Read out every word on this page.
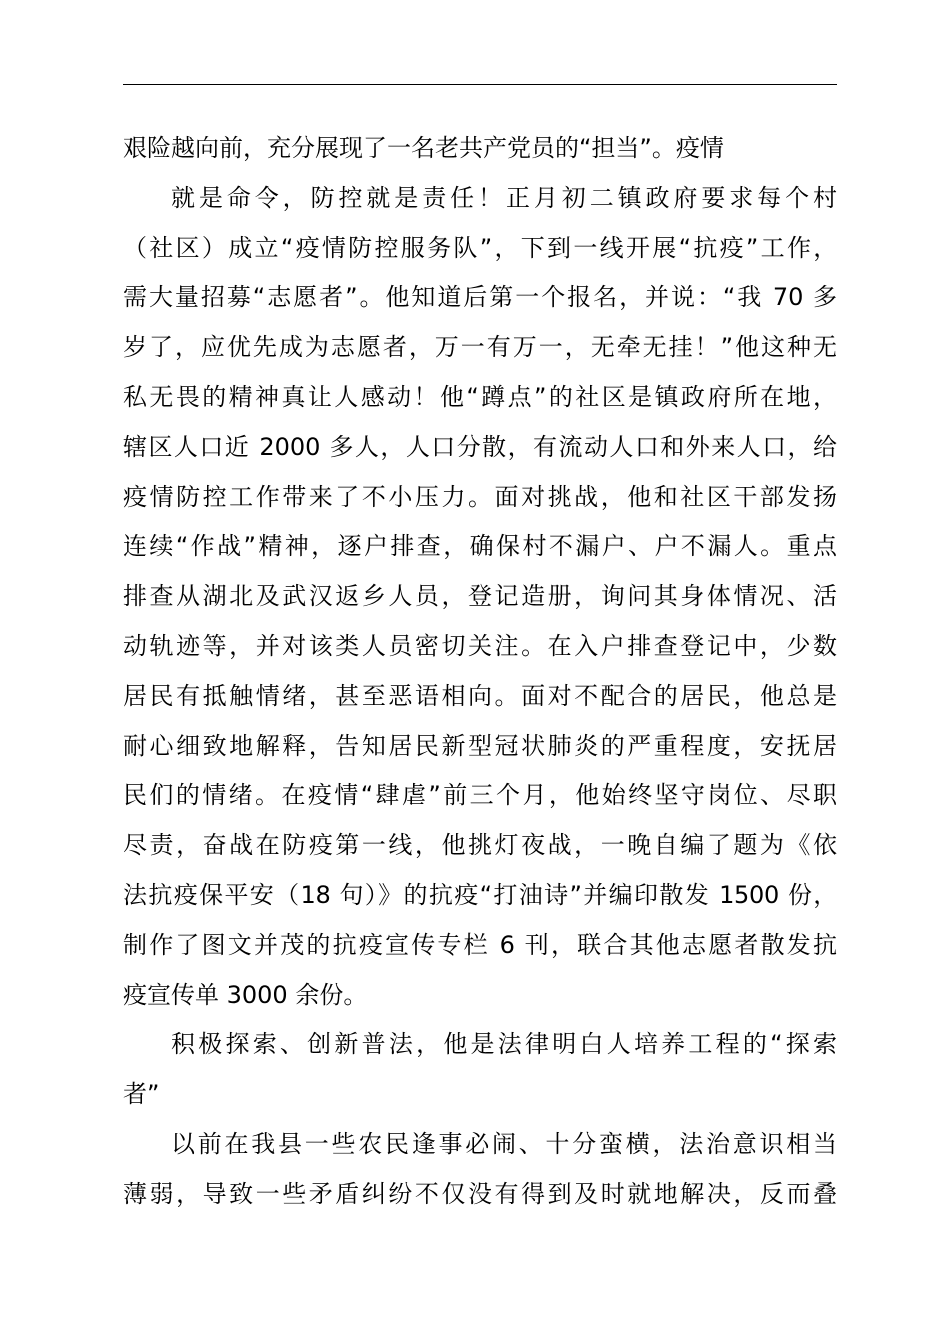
艰险越向前，充分展现了一名老共产党员的“担当”。疫情
就是命令，防控就是责任！正月初二镇政府要求每个村
（社区）成立“疫情防控服务队”，下到一线开展“抗疫”工作，
需大量招募“志愿者”。他知道后第一个报名，并说：“我 70 多
岁了，应优先成为志愿者，万一有万一，无牵无挂！”他这种无
私无畏的精神真让人感动！他“蹲点”的社区是镇政府所在地，
辖区人口近 2000 多人，人口分散，有流动人口和外来人口，给
疫情防控工作带来了不小压力。面对挑战，他和社区干部发扬
连续“作战”精神，逐户排查，确保村不漏户、户不漏人。重点
排查从湖北及武汉返乡人员，登记造册，询问其身体情况、活
动轨迹等，并对该类人员密切关注。在入户排查登记中，少数
居民有抵触情绪，甚至恶语相向。面对不配合的居民，他总是
耐心细致地解释，告知居民新型冠状肺炎的严重程度，安抚居
民们的情绪。在疫情“肆虐”前三个月，他始终坚守岗位、尽职
尽责，奋战在防疫第一线，他挑灯夜战，一晚自编了题为《依
法抗疫保平安（18 句）》的抗疫“打油诗”并编印散发 1500 份，
制作了图文并茂的抗疫宣传专栏 6 刊，联合其他志愿者散发抗
疫宣传单 3000 余份。
积极探索、创新普法，他是法律明白人培养工程的“探索
者”
以前在我县一些农民逢事必闹、十分蛮横，法治意识相当
薄弱，导致一些矛盾纠纷不仅没有得到及时就地解决，反而叠
